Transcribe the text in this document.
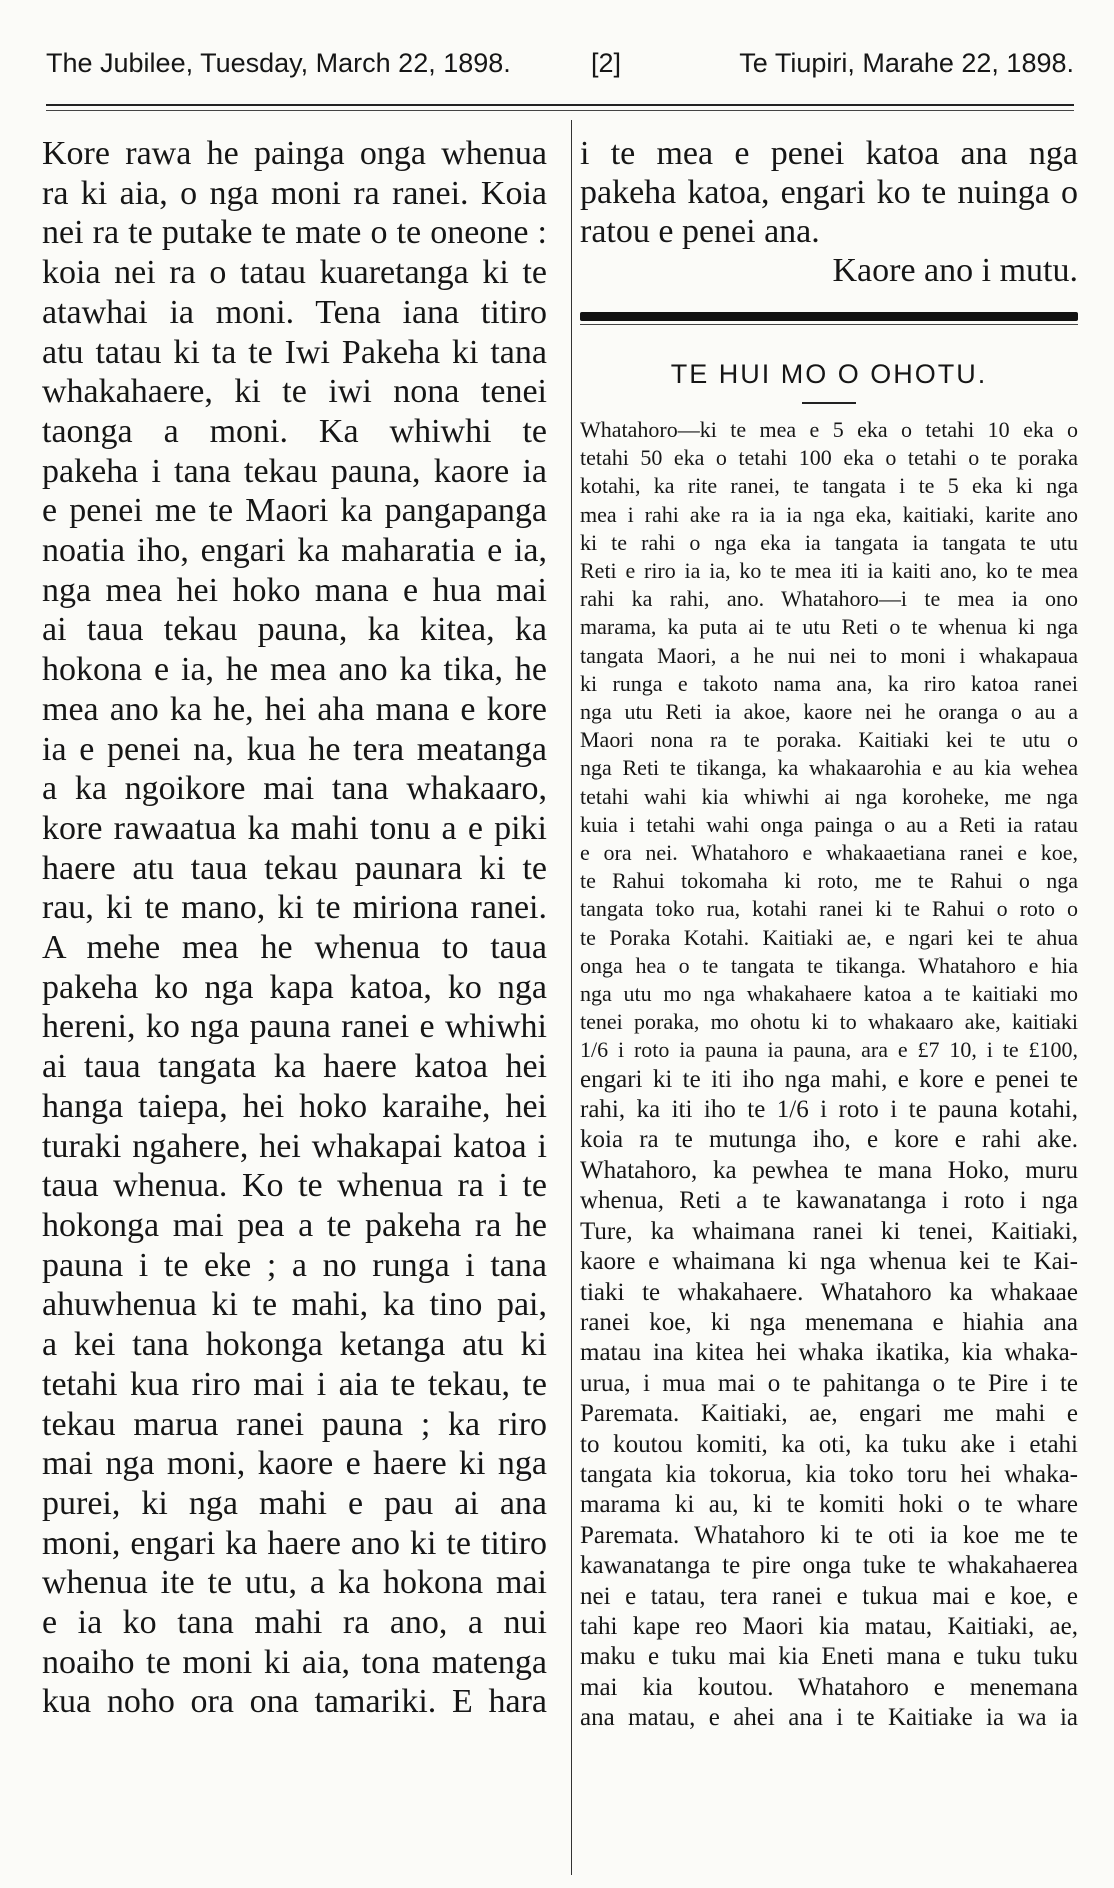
The Jubilee, Tuesday, March 22, 1898.	[2]	Te Tiupiri, Marahe 22, 1898.

Kore rawa he painga onga whenua

ra ki aia, o nga moni ra ranei. Koia

nei ra te putake te mate o te oneone :

koia nei ra o tatau kuaretanga ki te

atawhai ia moni. Tena iana titiro

atu tatau ki ta te Iwi Pakeha ki tana

whakahaere, ki te iwi nona tenei

taonga a moni. Ka whiwhi te

pakeha i tana tekau pauna, kaore ia

e penei me te Maori ka pangapanga

noatia iho, engari ka maharatia e ia,

nga mea hei hoko mana e hua mai

ai taua tekau pauna, ka kitea, ka

hokona e ia, he mea ano ka tika, he

mea ano ka he, hei aha mana e kore

ia e penei na, kua he tera meatanga

a ka ngoikore mai tana whakaaro,

kore rawaatua ka mahi tonu a e piki

haere atu taua tekau paunara ki te

rau, ki te mano, ki te miriona ranei.

A mehe mea he whenua to taua

pakeha ko nga kapa katoa, ko nga

hereni, ko nga pauna ranei e whiwhi

ai taua tangata ka haere katoa hei

hanga taiepa, hei hoko karaihe, hei

turaki ngahere, hei whakapai katoa i

taua whenua. Ko te whenua ra i te

hokonga mai pea a te pakeha ra he

pauna i te eke ; a no runga i tana

ahuwhenua ki te mahi, ka tino pai,

a kei tana hokonga ketanga atu ki

tetahi kua riro mai i aia te tekau, te

tekau marua ranei pauna ; ka riro

mai nga moni, kaore e haere ki nga

purei, ki nga mahi e pau ai ana

moni, engari ka haere ano ki te titiro

whenua ite te utu, a ka hokona mai

e ia ko tana mahi ra ano, a nui

noaiho te moni ki aia, tona matenga

kua noho ora ona tamariki. E hara

i te mea e penei katoa ana nga
pakeha katoa, engari ko te nuinga o
ratou e penei ana.
Kaore ano i mutu.
TE HUI MO O OHOTU.
Whatahoro—ki te mea e 5 eka o tetahi 10 eka o
tetahi 50 eka o tetahi 100 eka o tetahi o te poraka
kotahi, ka rite ranei, te tangata i te 5 eka ki nga
mea i rahi ake ra ia ia nga eka, kaitiaki, karite ano
ki te rahi o nga eka ia tangata ia tangata te utu
Reti e riro ia ia, ko te mea iti ia kaiti ano, ko te mea
rahi ka rahi, ano. Whatahoro—i te mea ia ono
marama, ka puta ai te utu Reti o te whenua ki nga
tangata Maori, a he nui nei to moni i whakapaua
ki runga e takoto nama ana, ka riro katoa ranei
nga utu Reti ia akoe, kaore nei he oranga o au a
Maori nona ra te poraka. Kaitiaki kei te utu o
nga Reti te tikanga, ka whakaarohia e au kia wehea
tetahi wahi kia whiwhi ai nga koroheke, me nga
kuia i tetahi wahi onga painga o au a Reti ia ratau
e ora nei. Whatahoro e whakaaetiana ranei e koe,
te Rahui tokomaha ki roto, me te Rahui o nga
tangata toko rua, kotahi ranei ki te Rahui o roto o
te Poraka Kotahi. Kaitiaki ae, e ngari kei te ahua
onga hea o te tangata te tikanga. Whatahoro e hia
nga utu mo nga whakahaere katoa a te kaitiaki mo
tenei poraka, mo ohotu ki to whakaaro ake, kaitiaki
1/6 i roto ia pauna ia pauna, ara e £7 10, i te £100,
engari ki te iti iho nga mahi, e kore e penei te
rahi, ka iti iho te 1/6 i roto i te pauna kotahi,
koia ra te mutunga iho, e kore e rahi ake.
Whatahoro, ka pewhea te mana Hoko, muru
whenua, Reti a te kawanatanga i roto i nga
Ture, ka whaimana ranei ki tenei, Kaitiaki,
kaore e whaimana ki nga whenua kei te Kai-
tiaki te whakahaere. Whatahoro ka whakaae
ranei koe, ki nga menemana e hiahia ana
matau ina kitea hei whaka ikatika, kia whaka-
urua, i mua mai o te pahitanga o te Pire i te
Paremata. Kaitiaki, ae, engari me mahi e
to koutou komiti, ka oti, ka tuku ake i etahi
tangata kia tokorua, kia toko toru hei whaka-
marama ki au, ki te komiti hoki o te whare
Paremata. Whatahoro ki te oti ia koe me te
kawanatanga te pire onga tuke te whakahaerea
nei e tatau, tera ranei e tukua mai e koe, e
tahi kape reo Maori kia matau, Kaitiaki, ae,
maku e tuku mai kia Eneti mana e tuku tuku
mai kia koutou. Whatahoro e menemana
ana matau, e ahei ana i te Kaitiake ia wa ia
